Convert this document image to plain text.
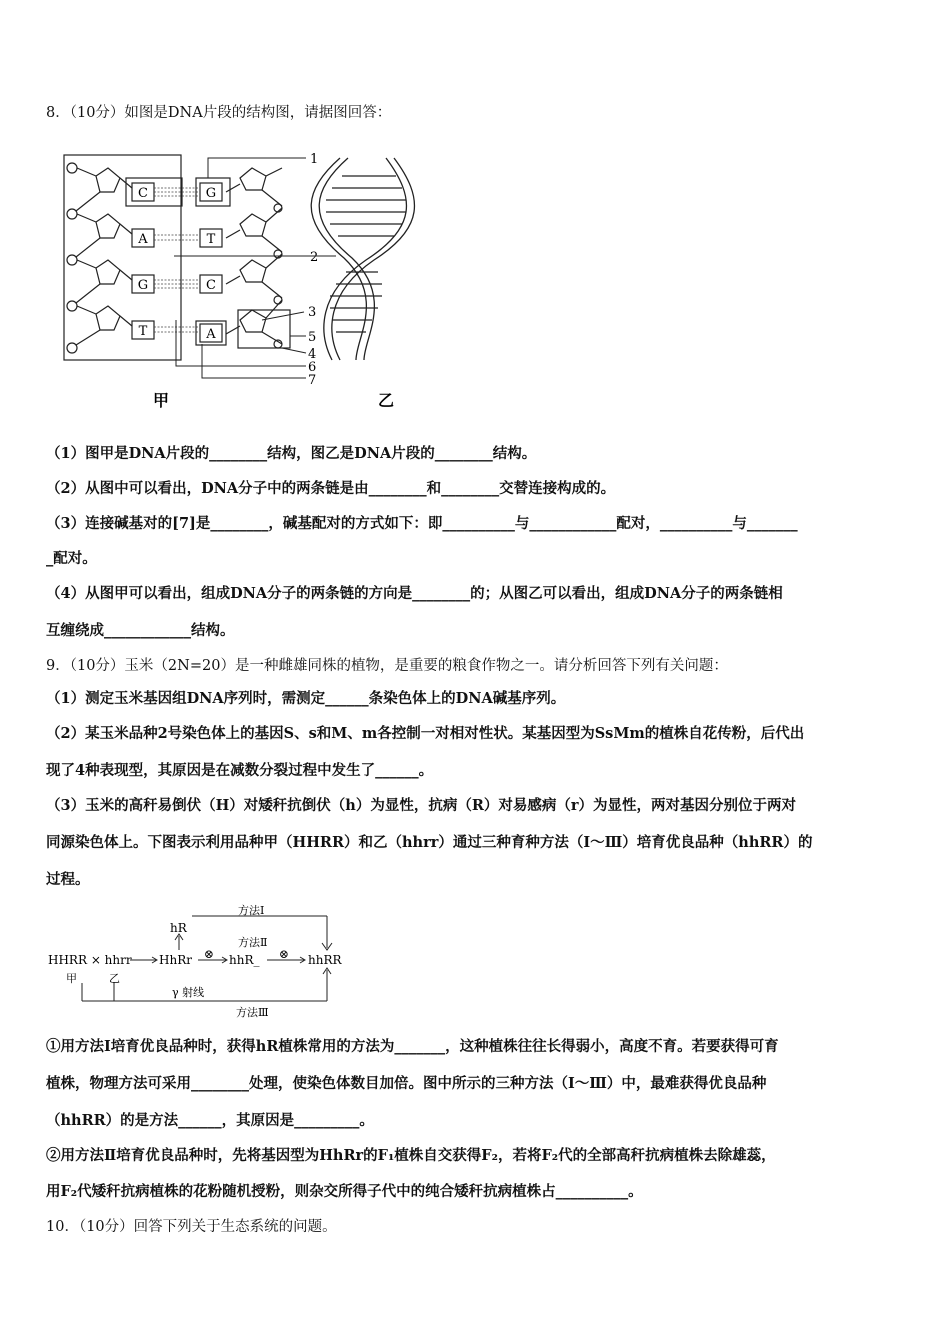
8．（10分）如图是DNA片段的结构图，请据图回答：
C
A
G
T
G
T
C
A
1
2
3
5
4
6
7
甲	乙
（1）图甲是DNA片段的________结构，图乙是DNA片段的________结构。
（2）从图中可以看出，DNA分子中的两条链是由________和________交替连接构成的。
（3）连接碱基对的[7]是________，碱基配对的方式如下：即__________与____________配对，__________与_______
_配对。
（4）从图甲可以看出，组成DNA分子的两条链的方向是________的；从图乙可以看出，组成DNA分子的两条链相
互缠绕成____________结构。
9．（10分）玉米（2N=20）是一种雌雄同株的植物，是重要的粮食作物之一。请分析回答下列有关问题：
（1）测定玉米基因组DNA序列时，需测定______条染色体上的DNA碱基序列。
（2）某玉米品种2号染色体上的基因S、s和M、m各控制一对相对性状。某基因型为SsMm的植株自花传粉，后代出
现了4种表现型，其原因是在减数分裂过程中发生了______。
（3）玉米的高秆易倒伏（H）对矮秆抗倒伏（h）为显性，抗病（R）对易感病（r）为显性，两对基因分别位于两对
同源染色体上。下图表示利用品种甲（HHRR）和乙（hhrr）通过三种育种方法（Ⅰ～Ⅲ）培育优良品种（hhRR）的
过程。
HHRR × hhrr
甲	乙
hR
HhRr	hhR_	hhRR
方法Ⅰ
方法Ⅱ
方法Ⅲ
γ 射线
⊗	⊗
①用方法Ⅰ培育优良品种时，获得hR植株常用的方法为_______，这种植株往往长得弱小，高度不育。若要获得可育
植株，物理方法可采用________处理，使染色体数目加倍。图中所示的三种方法（Ⅰ～Ⅲ）中，最难获得优良品种
（hhRR）的是方法______，其原因是_________。
②用方法Ⅱ培育优良品种时，先将基因型为HhRr的F₁植株自交获得F₂，若将F₂代的全部高秆抗病植株去除雄蕊，
用F₂代矮秆抗病植株的花粉随机授粉，则杂交所得子代中的纯合矮秆抗病植株占__________。
10．（10分）回答下列关于生态系统的问题。
